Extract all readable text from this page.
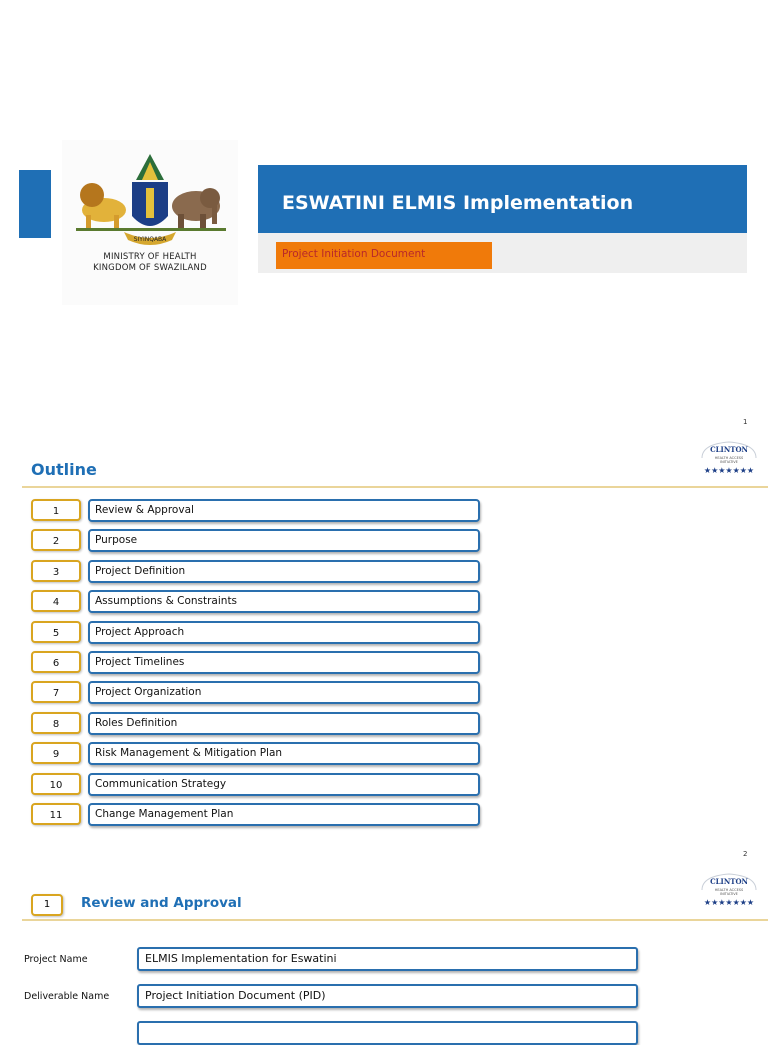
SIYINQABA
MINISTRY OF HEALTH
KINGDOM OF SWAZILAND
ESWATINI ELMIS Implementation
Project Initiation Document
1
CLINTON
HEALTH ACCESS
INITIATIVE
★★★★★★★
Outline
1	Review & Approval
2	Purpose
3	Project Definition
4	Assumptions & Constraints
5	Project Approach
6	Project Timelines
7	Project Organization
8	Roles Definition
9	Risk Management & Mitigation Plan
10	Communication Strategy
11	Change Management Plan
2
CLINTON
HEALTH ACCESS
INITIATIVE
★★★★★★★
1	Review and Approval
Project Name	ELMIS Implementation for Eswatini
Deliverable Name	Project Initiation Document (PID)
